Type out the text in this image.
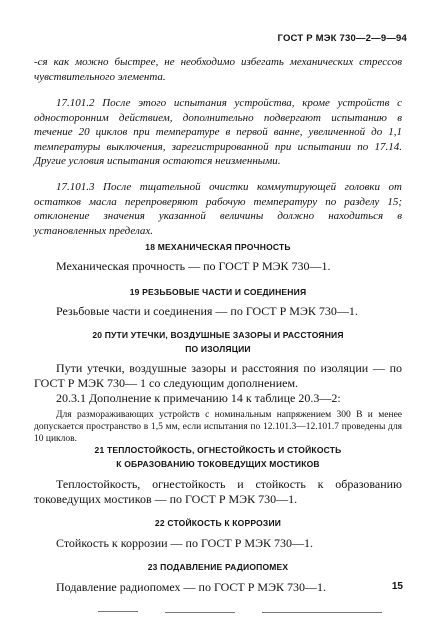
ГОСТ Р МЭК 730—2—9—94

-ся как можно быстрее, не необходимо избегать механических стрессов чувствительного элемента.

17.101.2 После этого испытания устройства, кроме устройств с односторонним действием, дополнительно подвергают испытанию в течение 20 циклов при температуре в первой ванне, увеличенной до 1,1 температуры выключения, зарегистрированной при испытании по 17.14. Другие условия испытания остаются неизменными.

17.101.3 После тщательной очистки коммутирующей головки от остатков масла перепроверяют рабочую температуру по разделу 15; отклонение значения указанной величины должно находиться в установленных пределах.

18 МЕХАНИЧЕСКАЯ ПРОЧНОСТЬ

Механическая прочность — по ГОСТ Р МЭК 730—1.

19 РЕЗЬБОВЫЕ ЧАСТИ И СОЕДИНЕНИЯ

Резьбовые части и соединения — по ГОСТ Р МЭК 730—1.

20 ПУТИ УТЕЧКИ, ВОЗДУШНЫЕ ЗАЗОРЫ И РАССТОЯНИЯ
ПО ИЗОЛЯЦИИ

Пути утечки, воздушные зазоры и расстояния по изоляции — по ГОСТ Р МЭК 730— 1 со следующим дополнением.

20.3.1 Дополнение к примечанию 14 к таблице 20.3—2:

Для размораживающих устройств с номинальным напряжением 300 В и менее допускается пространство в 1,5 мм, если испытания по 12.101.3—12.101.7 проведены для 10 циклов.

21 ТЕПЛОСТОЙКОСТЬ, ОГНЕСТОЙКОСТЬ И СТОЙКОСТЬ
К ОБРАЗОВАНИЮ ТОКОВЕДУЩИХ МОСТИКОВ

Теплостойкость, огнестойкость и стойкость к образованию токоведущих мостиков — по ГОСТ Р МЭК 730—1.

22 СТОЙКОСТЬ К КОРРОЗИИ

Стойкость к коррозии — по ГОСТ Р МЭК 730—1.

23 ПОДАВЛЕНИЕ РАДИОПОМЕХ

Подавление радиопомех — по ГОСТ Р МЭК 730—1.	15
